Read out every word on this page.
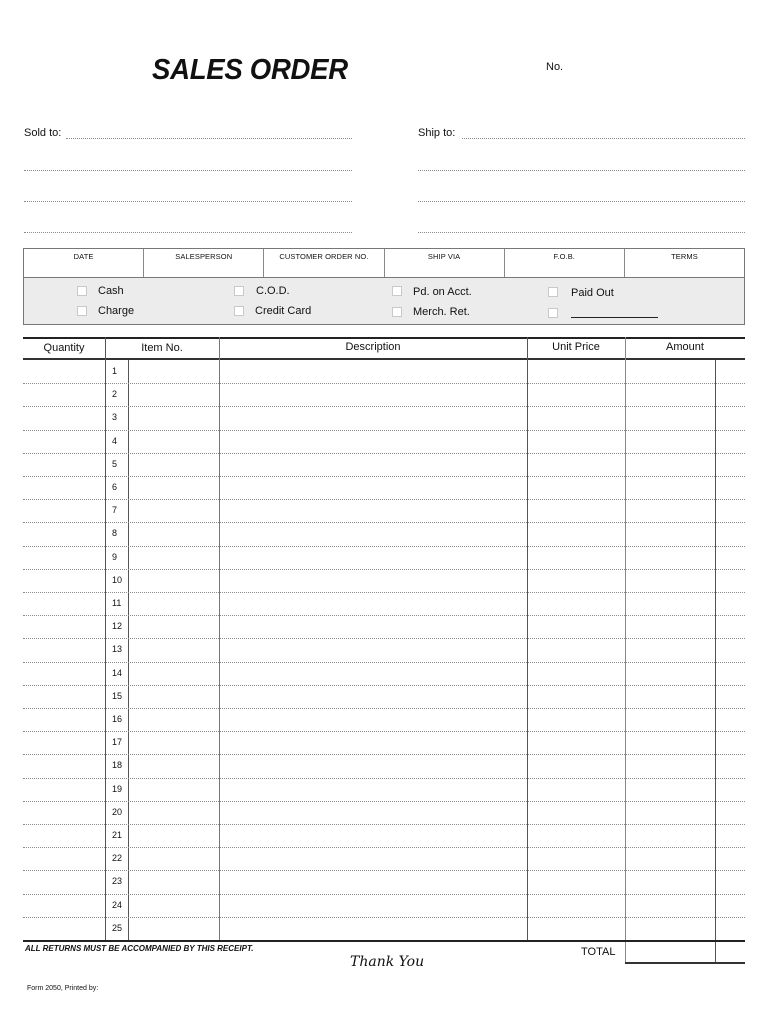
SALES ORDER	No.
Sold to:	Ship to:
DATE	SALESPERSON	CUSTOMER ORDER NO.	SHIP VIA	F.O.B.	TERMS
Cash
Charge
C.O.D.
Credit Card
Pd. on Acct.
Merch. Ret.
Paid Out
Quantity	Item No.	Description	Unit Price	Amount
1
2
3
4
5
6
7
8
9
10
11
12
13
14
15
16
17
18
19
20
21
22
23
24
25
ALL RETURNS MUST BE ACCOMPANIED BY THIS RECEIPT.
Thank You
TOTAL
Form 2050, Printed by:
